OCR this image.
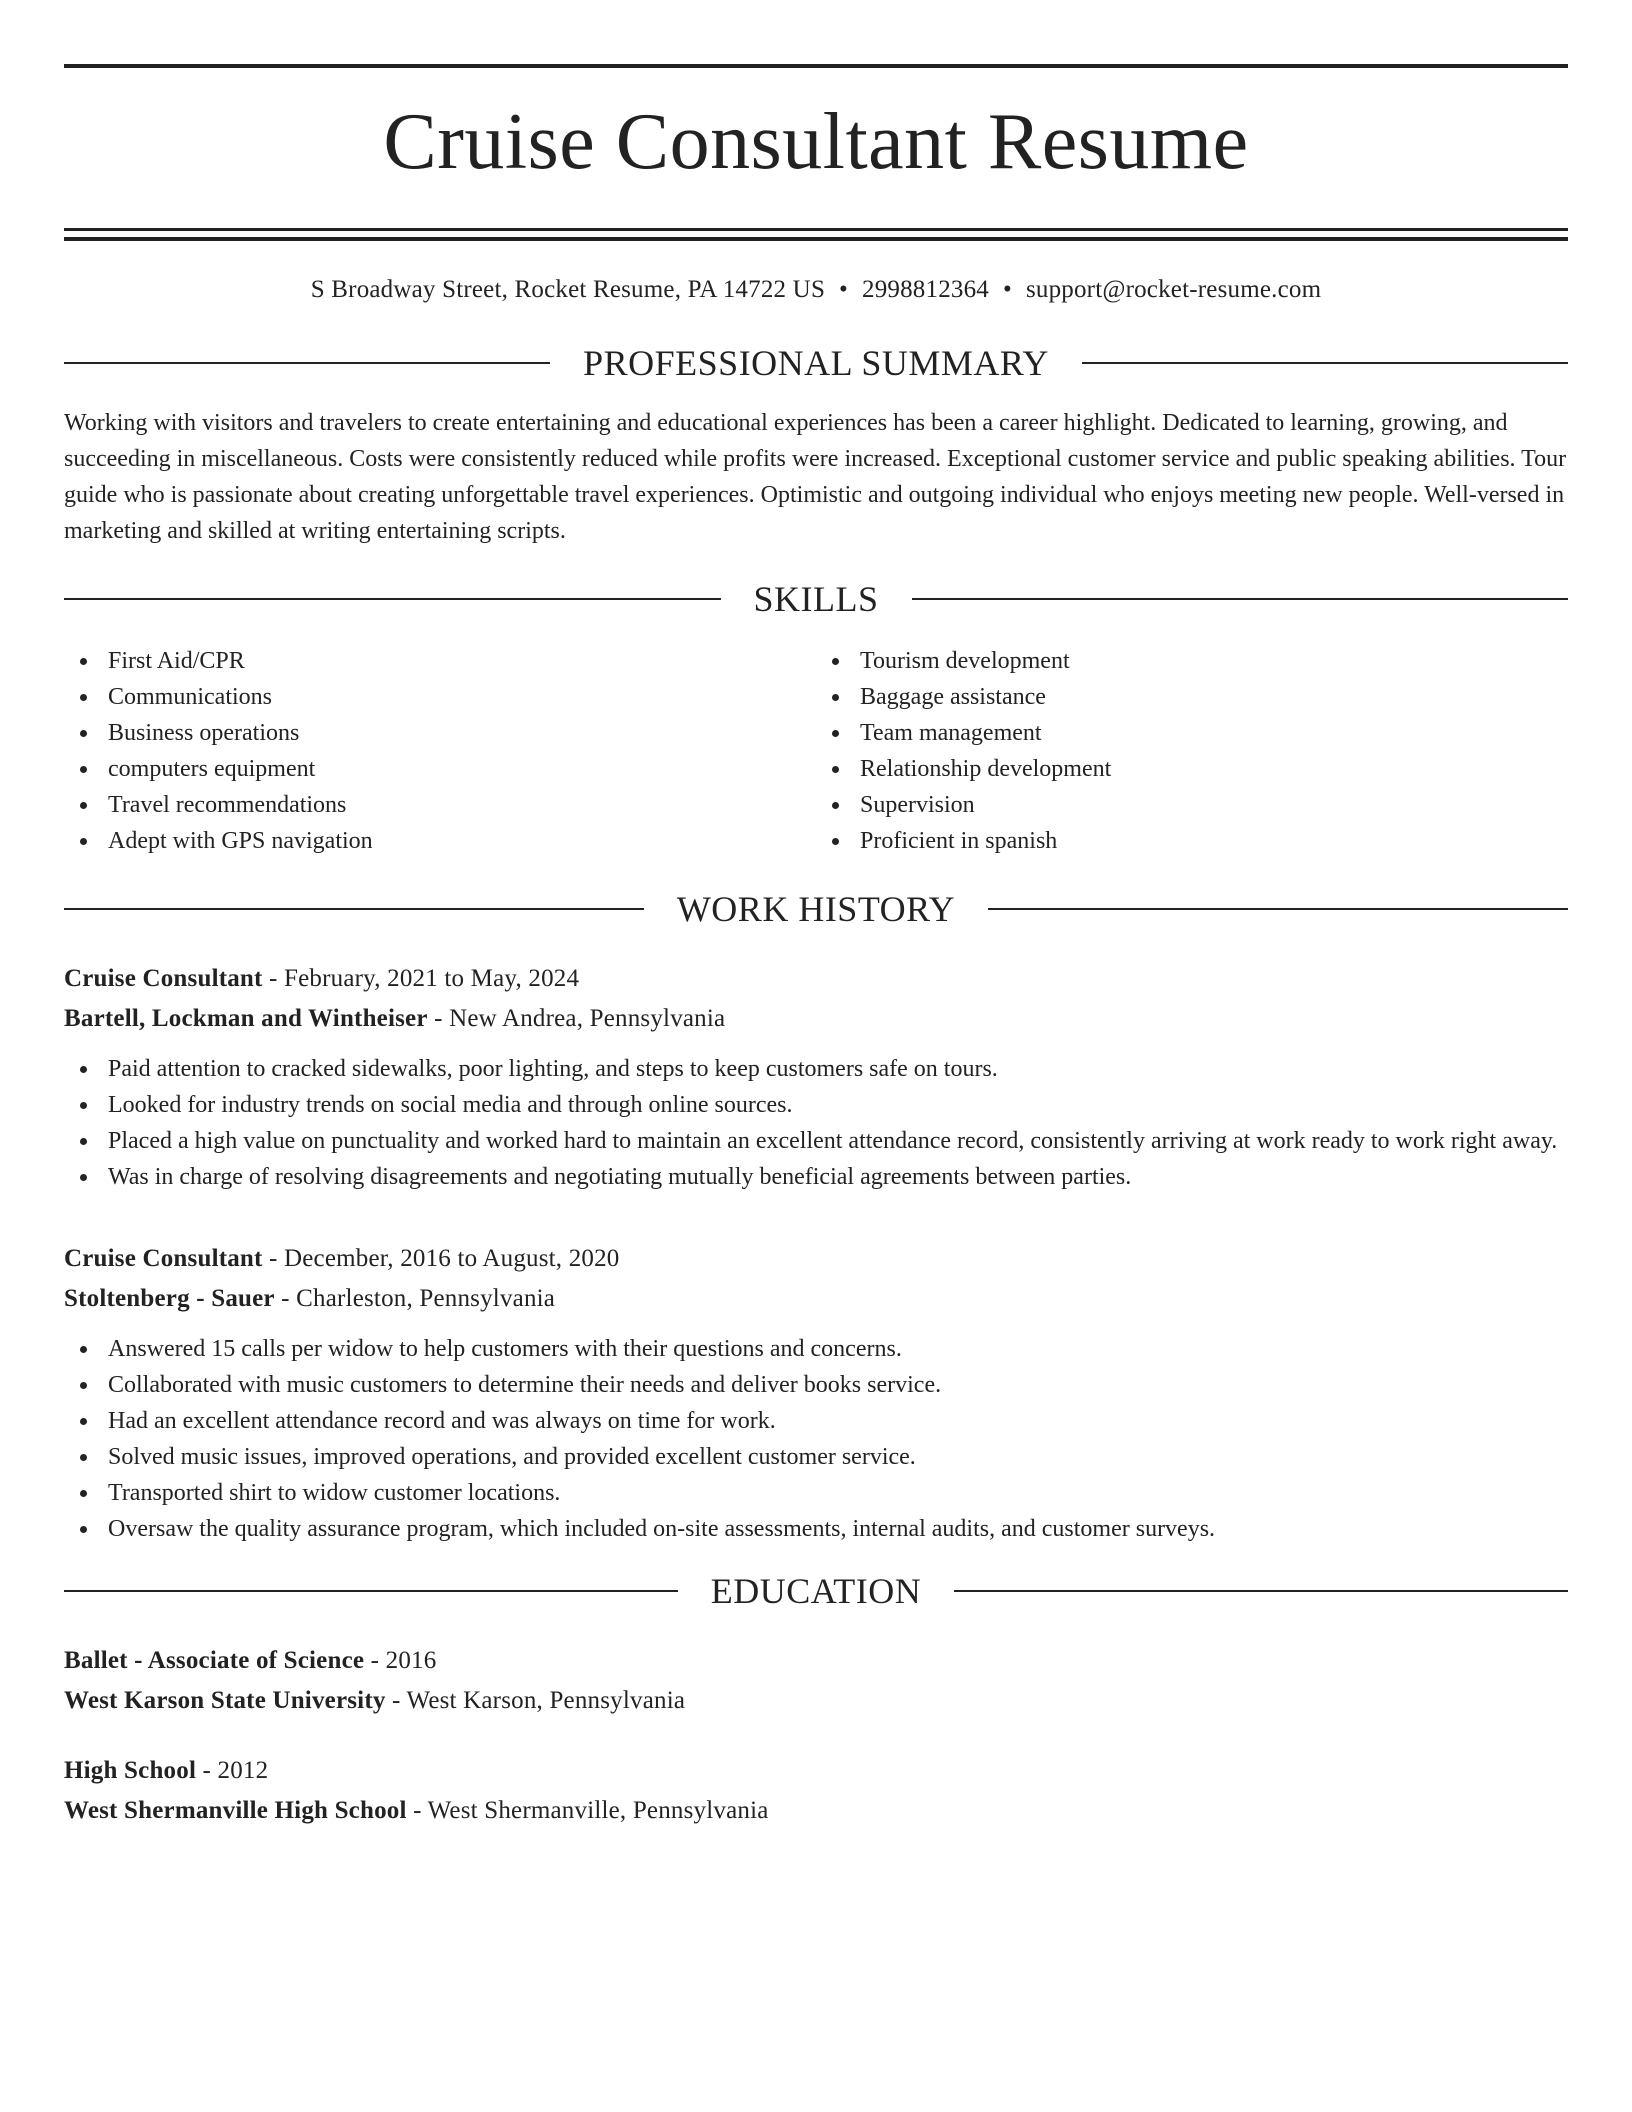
Cruise Consultant Resume
S Broadway Street, Rocket Resume, PA 14722 US • 2998812364 • support@rocket-resume.com
PROFESSIONAL SUMMARY

Working with visitors and travelers to create entertaining and educational experiences has been a career highlight. Dedicated to learning, growing, and succeeding in miscellaneous. Costs were consistently reduced while profits were increased. Exceptional customer service and public speaking abilities. Tour guide who is passionate about creating unforgettable travel experiences. Optimistic and outgoing individual who enjoys meeting new people. Well-versed in marketing and skilled at writing entertaining scripts.

SKILLS
First Aid/CPR
Communications
Business operations
computers equipment
Travel recommendations
Adept with GPS navigation
Tourism development
Baggage assistance
Team management
Relationship development
Supervision
Proficient in spanish
WORK HISTORY
Cruise Consultant - February, 2021 to May, 2024
Bartell, Lockman and Wintheiser - New Andrea, Pennsylvania
Paid attention to cracked sidewalks, poor lighting, and steps to keep customers safe on tours.
Looked for industry trends on social media and through online sources.
Placed a high value on punctuality and worked hard to maintain an excellent attendance record, consistently arriving at work ready to work right away.
Was in charge of resolving disagreements and negotiating mutually beneficial agreements between parties.
Cruise Consultant - December, 2016 to August, 2020
Stoltenberg - Sauer - Charleston, Pennsylvania
Answered 15 calls per widow to help customers with their questions and concerns.
Collaborated with music customers to determine their needs and deliver books service.
Had an excellent attendance record and was always on time for work.
Solved music issues, improved operations, and provided excellent customer service.
Transported shirt to widow customer locations.
Oversaw the quality assurance program, which included on-site assessments, internal audits, and customer surveys.
EDUCATION
Ballet - Associate of Science - 2016
West Karson State University - West Karson, Pennsylvania
High School - 2012
West Shermanville High School - West Shermanville, Pennsylvania
